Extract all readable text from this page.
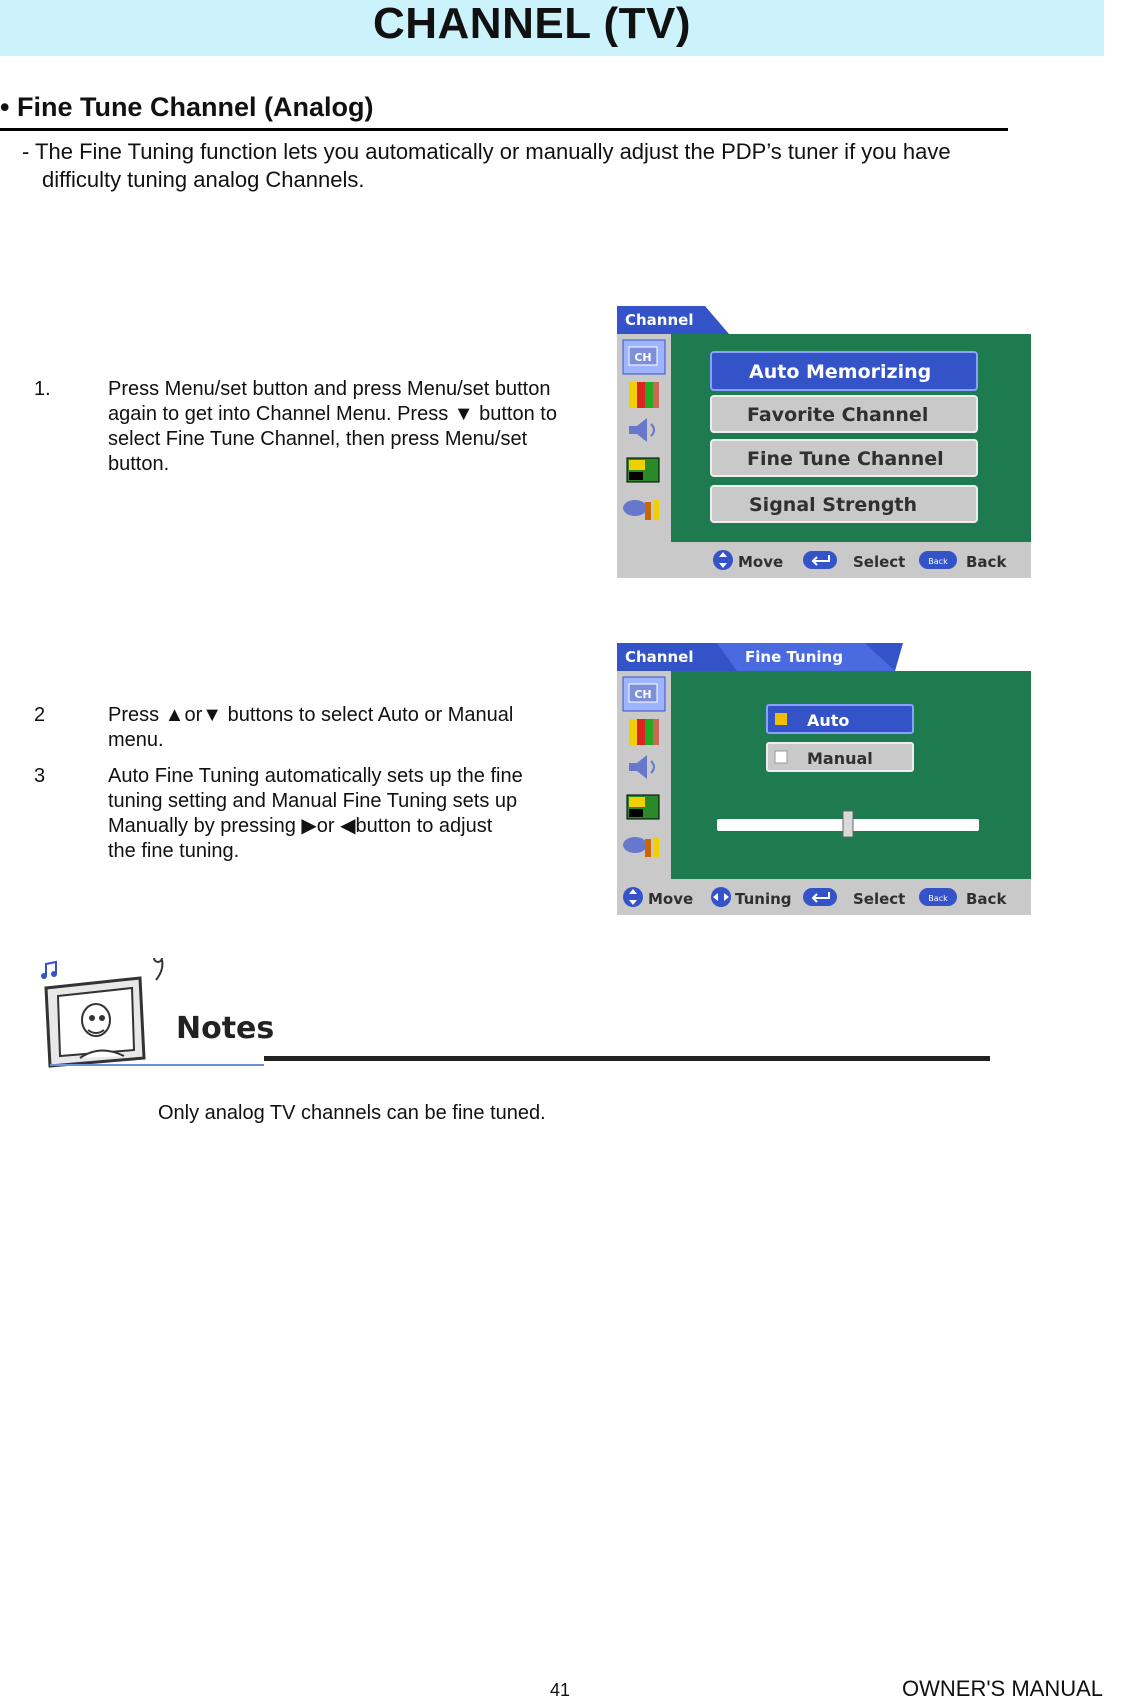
CHANNEL (TV)
• Fine Tune Channel (Analog)
- The Fine Tuning function lets you automatically or manually adjust the PDP’s tuner if you have
difficulty tuning analog Channels.
1.	Press Menu/set button and press Menu/set button
again to get into Channel Menu. Press ▼ button to
select Fine Tune Channel, then press Menu/set
button.
2	Press ▲or▼ buttons to select Auto or Manual
menu.
3	Auto Fine Tuning automatically sets up the fine
tuning setting and Manual Fine Tuning sets up
Manually by pressing ▶or ◀button to adjust
the fine tuning.
Channel
CH
Auto Memorizing
Favorite Channel
Fine Tune Channel
Signal Strength
Move	Select	Back Back
Channel	Fine Tuning
CH
Auto
Manual
Move	Tuning	Select	Back Back
Notes
Only analog TV channels can be fine tuned.
41	OWNER'S MANUAL
